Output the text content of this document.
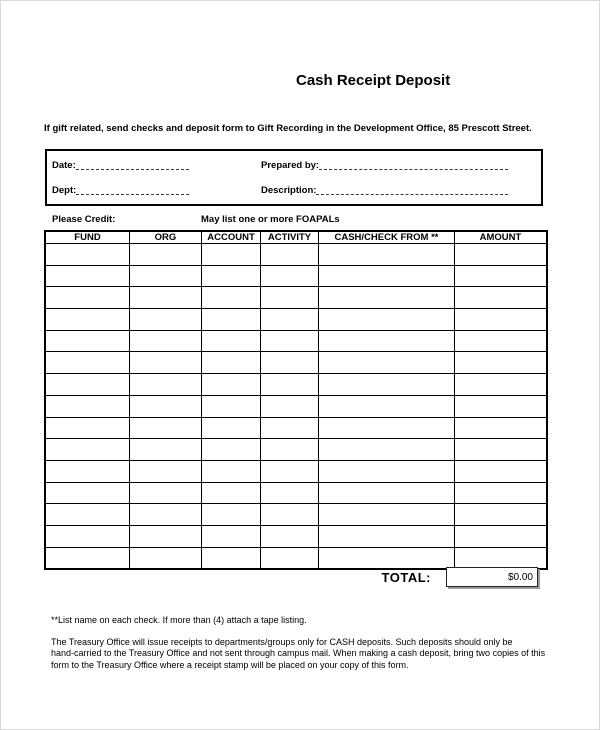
Cash Receipt Deposit
If gift related, send checks and deposit form to Gift Recording in the Development Office, 85 Prescott Street.
Date:	Prepared by:
Dept:	Description:
Please Credit:	May list one or more FOAPALs
FUND	ORG	ACCOUNT	ACTIVITY	CASH/CHECK FROM **	AMOUNT

TOTAL:	$0.00
**List name on each check. If more than (4) attach a tape listing.
The Treasury Office will issue receipts to departments/groups only for CASH deposits. Such deposits should only be
hand-carried to the Treasury Office and not sent through campus mail. When making a cash deposit, bring two copies of this
form to the Treasury Office where a receipt stamp will be placed on your copy of this form.
